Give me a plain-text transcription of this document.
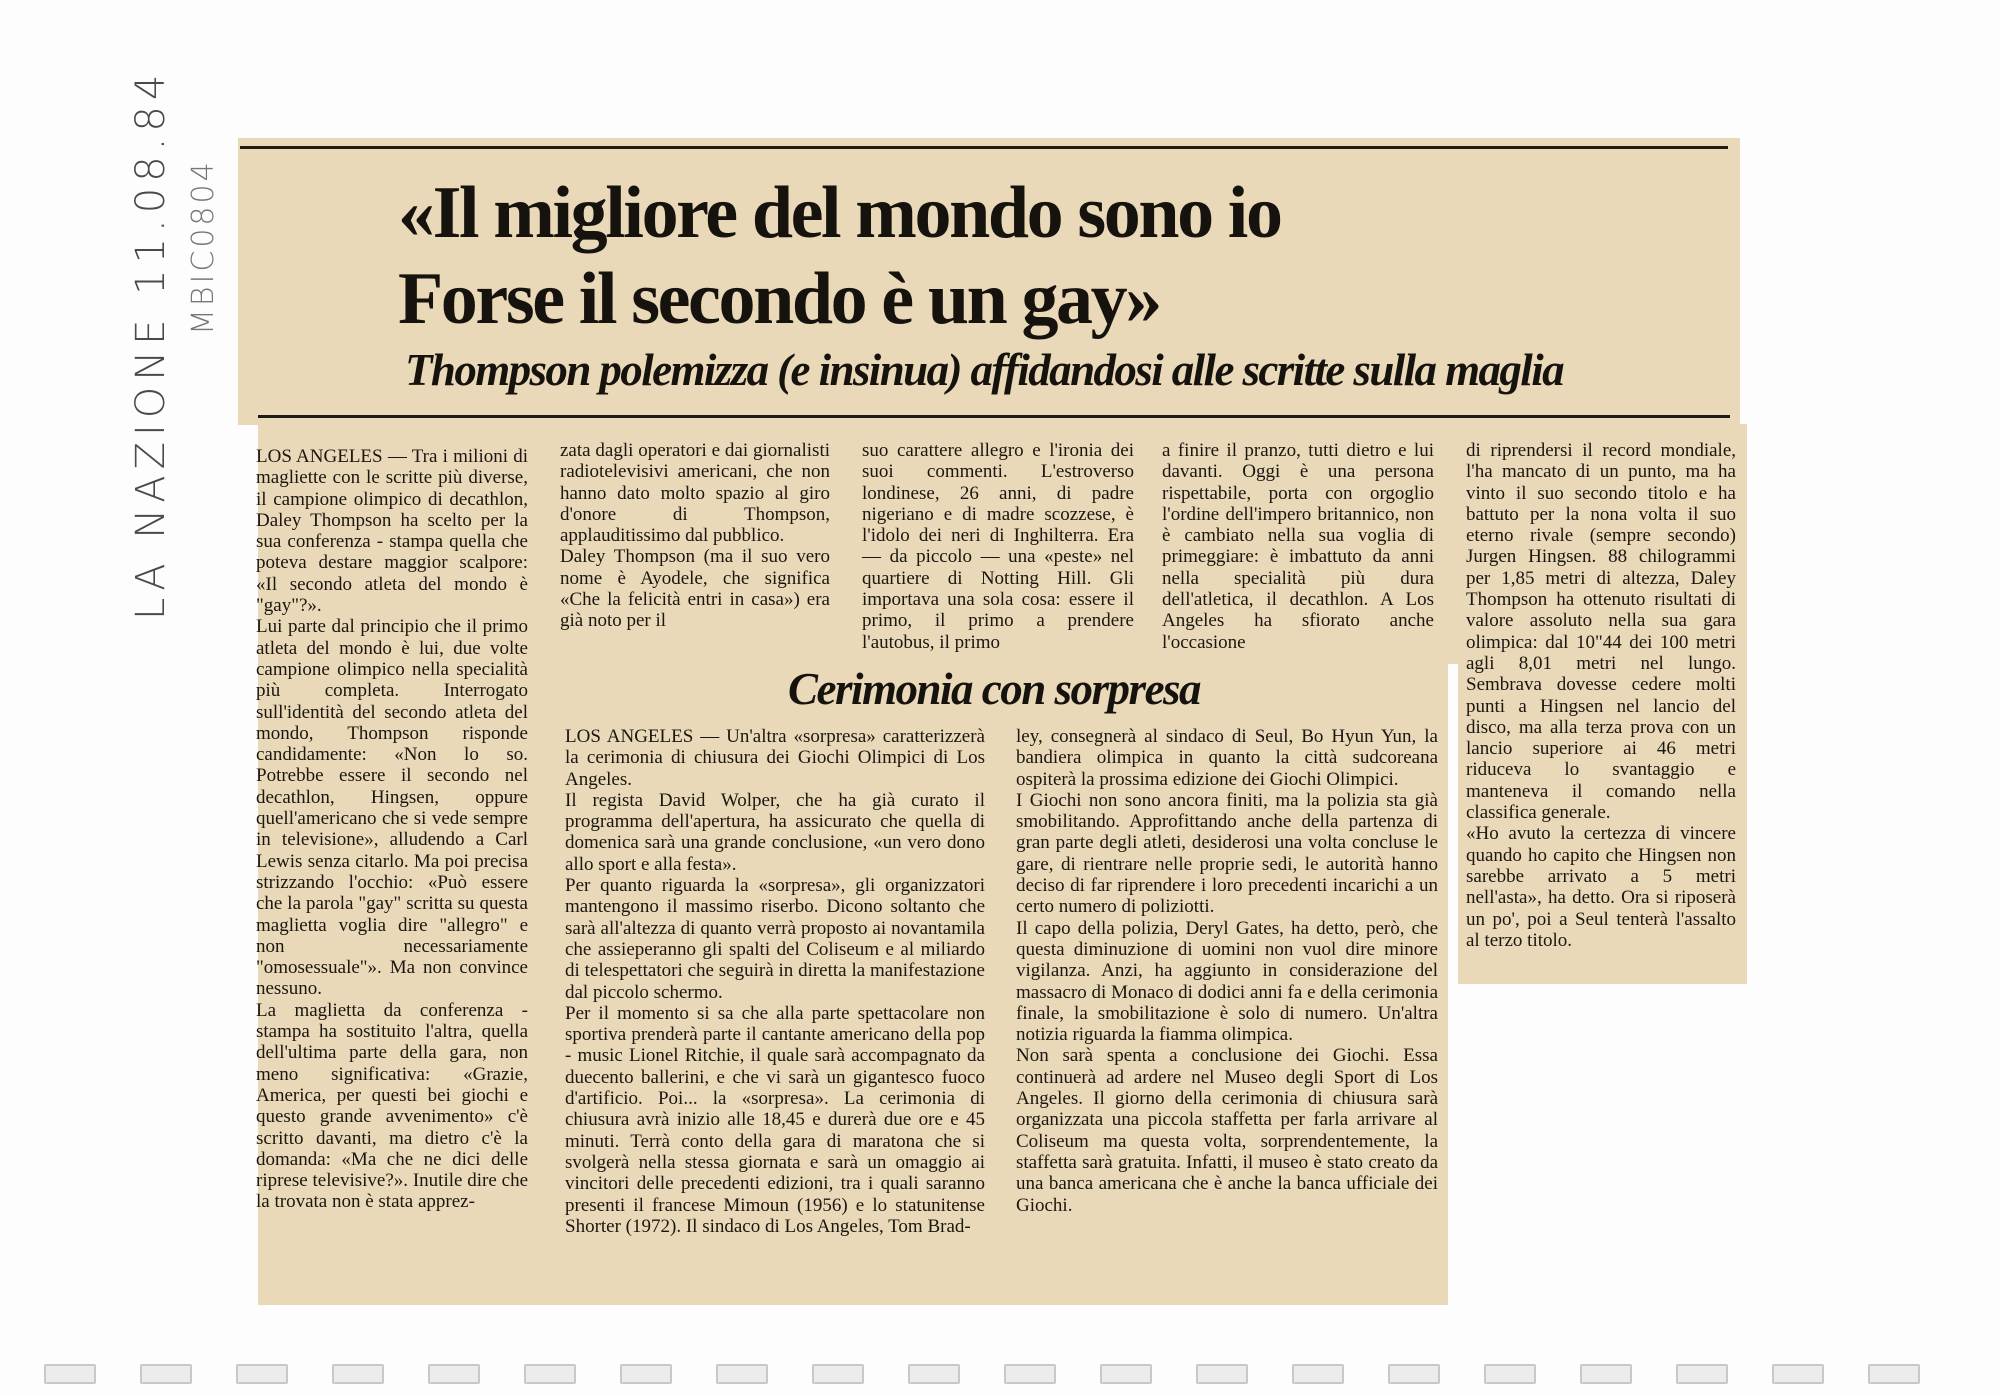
LA NAZIONE 11.08.84 MBIC0804 «Il migliore del mondo sono io
Forse il secondo è un gay»
Thompson polemizza (e insinua) affidandosi alle scritte sulla maglia

LOS ANGELES — Tra i milioni di magliette con le scritte più diverse, il campione olimpico di decathlon, Daley Thompson ha scelto per la sua conferenza - stampa quella che poteva destare maggior scalpore: «Il secondo atleta del mondo è "gay"?».

Lui parte dal principio che il primo atleta del mondo è lui, due volte campione olimpico nella specialità più completa. Interrogato sull'identità del secondo atleta del mondo, Thompson risponde candidamente: «Non lo so. Potrebbe essere il secondo nel decathlon, Hingsen, oppure quell'americano che si vede sempre in televisione», alludendo a Carl Lewis senza citarlo. Ma poi precisa strizzando l'occhio: «Può essere che la parola "gay" scritta su questa maglietta voglia dire "allegro" e non necessariamente "omosessuale"». Ma non convince nessuno.

La maglietta da conferenza - stampa ha sostituito l'altra, quella dell'ultima parte della gara, non meno significativa: «Grazie, America, per questi bei giochi e questo grande avvenimento» c'è scritto davanti, ma dietro c'è la domanda: «Ma che ne dici delle riprese televisive?». Inutile dire che la trovata non è stata apprez-

zata dagli operatori e dai giornalisti radiotelevisivi americani, che non hanno dato molto spazio al giro d'onore di Thompson, applauditissimo dal pubblico.

Daley Thompson (ma il suo vero nome è Ayodele, che significa «Che la felicità entri in casa») era già noto per il

suo carattere allegro e l'ironia dei suoi commenti. L'estroverso londinese, 26 anni, di padre nigeriano e di madre scozzese, è l'idolo dei neri di Inghilterra. Era — da piccolo — una «peste» nel quartiere di Notting Hill. Gli importava una sola cosa: essere il primo, il primo a prendere l'autobus, il primo

a finire il pranzo, tutti dietro e lui davanti. Oggi è una persona rispettabile, porta con orgoglio l'ordine dell'impero britannico, non è cambiato nella sua voglia di primeggiare: è imbattuto da anni nella specialità più dura dell'atletica, il decathlon. A Los Angeles ha sfiorato anche l'occasione

di riprendersi il record mondiale, l'ha mancato di un punto, ma ha vinto il suo secondo titolo e ha battuto per la nona volta il suo eterno rivale (sempre secondo) Jurgen Hingsen. 88 chilogrammi per 1,85 metri di altezza, Daley Thompson ha ottenuto risultati di valore assoluto nella sua gara olimpica: dal 10"44 dei 100 metri agli 8,01 metri nel lungo. Sembrava dovesse cedere molti punti a Hingsen nel lancio del disco, ma alla terza prova con un lancio superiore ai 46 metri riduceva lo svantaggio e manteneva il comando nella classifica generale.

«Ho avuto la certezza di vincere quando ho capito che Hingsen non sarebbe arrivato a 5 metri nell'asta», ha detto. Ora si riposerà un po', poi a Seul tenterà l'assalto al terzo titolo.

Cerimonia con sorpresa

LOS ANGELES — Un'altra «sorpresa» caratterizzerà la cerimonia di chiusura dei Giochi Olimpici di Los Angeles.

Il regista David Wolper, che ha già curato il programma dell'apertura, ha assicurato che quella di domenica sarà una grande conclusione, «un vero dono allo sport e alla festa».

Per quanto riguarda la «sorpresa», gli organizzatori mantengono il massimo riserbo. Dicono soltanto che sarà all'altezza di quanto verrà proposto ai novantamila che assieperanno gli spalti del Coliseum e al miliardo di telespettatori che seguirà in diretta la manifestazione dal piccolo schermo.

Per il momento si sa che alla parte spettacolare non sportiva prenderà parte il cantante americano della pop - music Lionel Ritchie, il quale sarà accompagnato da duecento ballerini, e che vi sarà un gigantesco fuoco d'artificio. Poi... la «sorpresa». La cerimonia di chiusura avrà inizio alle 18,45 e durerà due ore e 45 minuti. Terrà conto della gara di maratona che si svolgerà nella stessa giornata e sarà un omaggio ai vincitori delle precedenti edizioni, tra i quali saranno presenti il francese Mimoun (1956) e lo statunitense Shorter (1972). Il sindaco di Los Angeles, Tom Brad-

ley, consegnerà al sindaco di Seul, Bo Hyun Yun, la bandiera olimpica in quanto la città sudcoreana ospiterà la prossima edizione dei Giochi Olimpici.

I Giochi non sono ancora finiti, ma la polizia sta già smobilitando. Approfittando anche della partenza di gran parte degli atleti, desiderosi una volta concluse le gare, di rientrare nelle proprie sedi, le autorità hanno deciso di far riprendere i loro precedenti incarichi a un certo numero di poliziotti.

Il capo della polizia, Deryl Gates, ha detto, però, che questa diminuzione di uomini non vuol dire minore vigilanza. Anzi, ha aggiunto in considerazione del massacro di Monaco di dodici anni fa e della cerimonia finale, la smobilitazione è solo di numero. Un'altra notizia riguarda la fiamma olimpica.

Non sarà spenta a conclusione dei Giochi. Essa continuerà ad ardere nel Museo degli Sport di Los Angeles. Il giorno della cerimonia di chiusura sarà organizzata una piccola staffetta per farla arrivare al Coliseum ma questa volta, sorprendentemente, la staffetta sarà gratuita. Infatti, il museo è stato creato da una banca americana che è anche la banca ufficiale dei Giochi.
